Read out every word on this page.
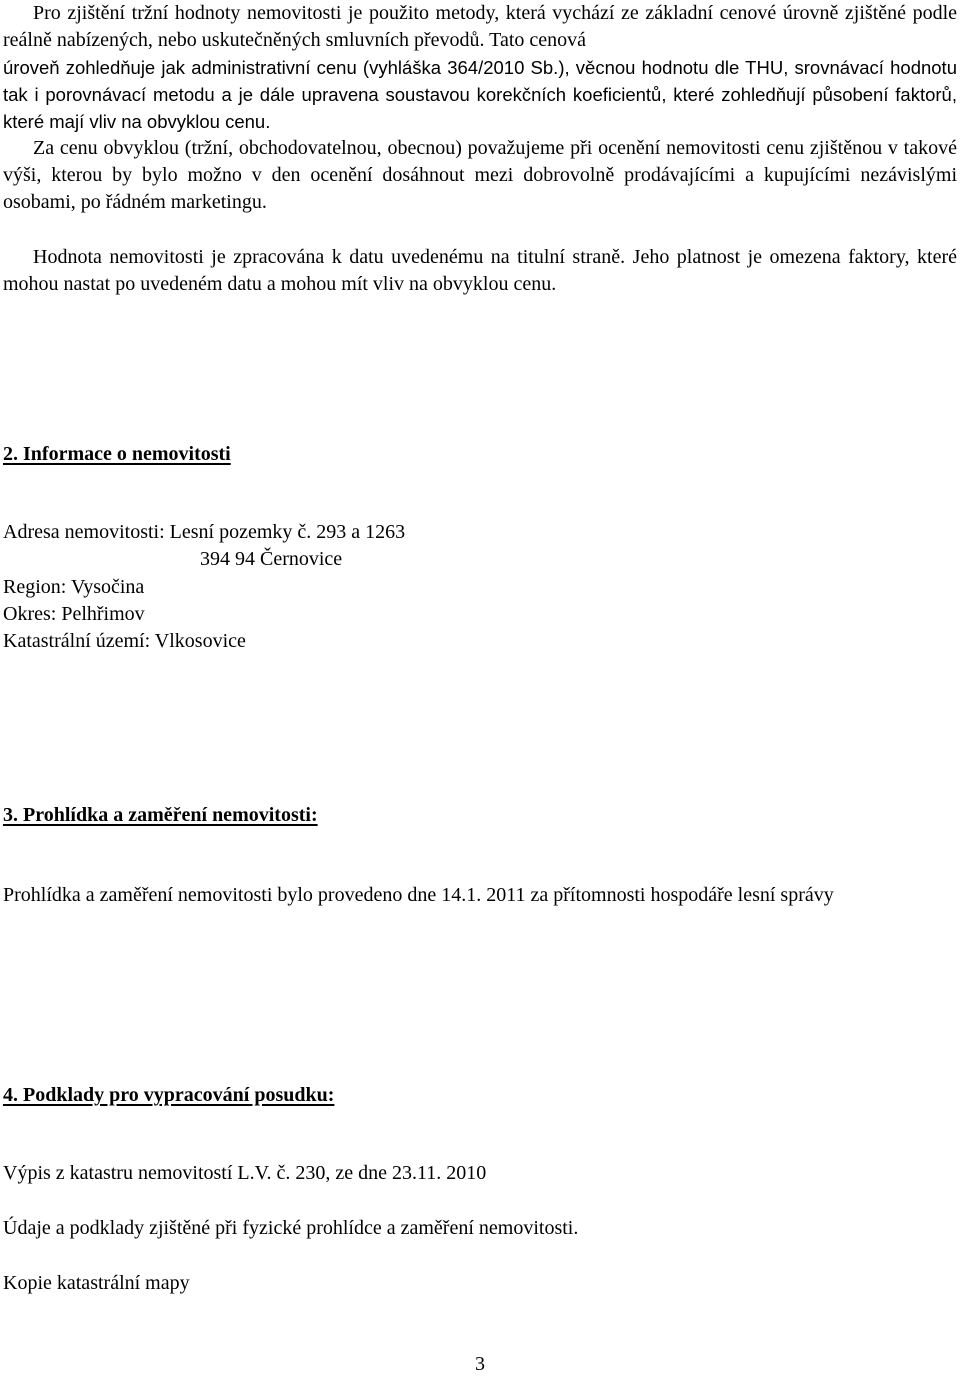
Pro zjištění tržní hodnoty nemovitosti je použito metody, která vychází ze základní cenové úrovně zjištěné podle reálně nabízených, nebo uskutečněných smluvních převodů. Tato cenová

úroveň zohledňuje jak administrativní cenu (vyhláška 364/2010 Sb.), věcnou hodnotu dle THU, srovnávací hodnotu tak i porovnávací metodu a je dále upravena soustavou korekčních koeficientů, které zohledňují působení faktorů, které mají vliv na obvyklou cenu.

Za cenu obvyklou (tržní, obchodovatelnou, obecnou) považujeme při ocenění nemovitosti cenu zjištěnou v takové výši, kterou by bylo možno v den ocenění dosáhnout mezi dobrovolně prodávajícími a kupujícími nezávislými osobami, po řádném marketingu.

Hodnota nemovitosti je zpracována k datu uvedenému na titulní straně. Jeho platnost je omezena faktory, které mohou nastat po uvedeném datu a mohou mít vliv na obvyklou cenu.

2. Informace o nemovitosti
Adresa nemovitosti: Lesní pozemky č. 293 a 1263
394 94 Černovice
Region: Vysočina
Okres: Pelhřimov
Katastrální území: Vlkosovice
3. Prohlídka a zaměření nemovitosti:

Prohlídka a zaměření nemovitosti bylo provedeno dne 14.1. 2011 za přítomnosti hospodáře lesní správy

4. Podklady pro vypracování posudku:
Výpis z katastru nemovitostí L.V. č. 230, ze dne 23.11. 2010
Údaje a podklady zjištěné při fyzické prohlídce a zaměření nemovitosti.
Kopie katastrální mapy
3
